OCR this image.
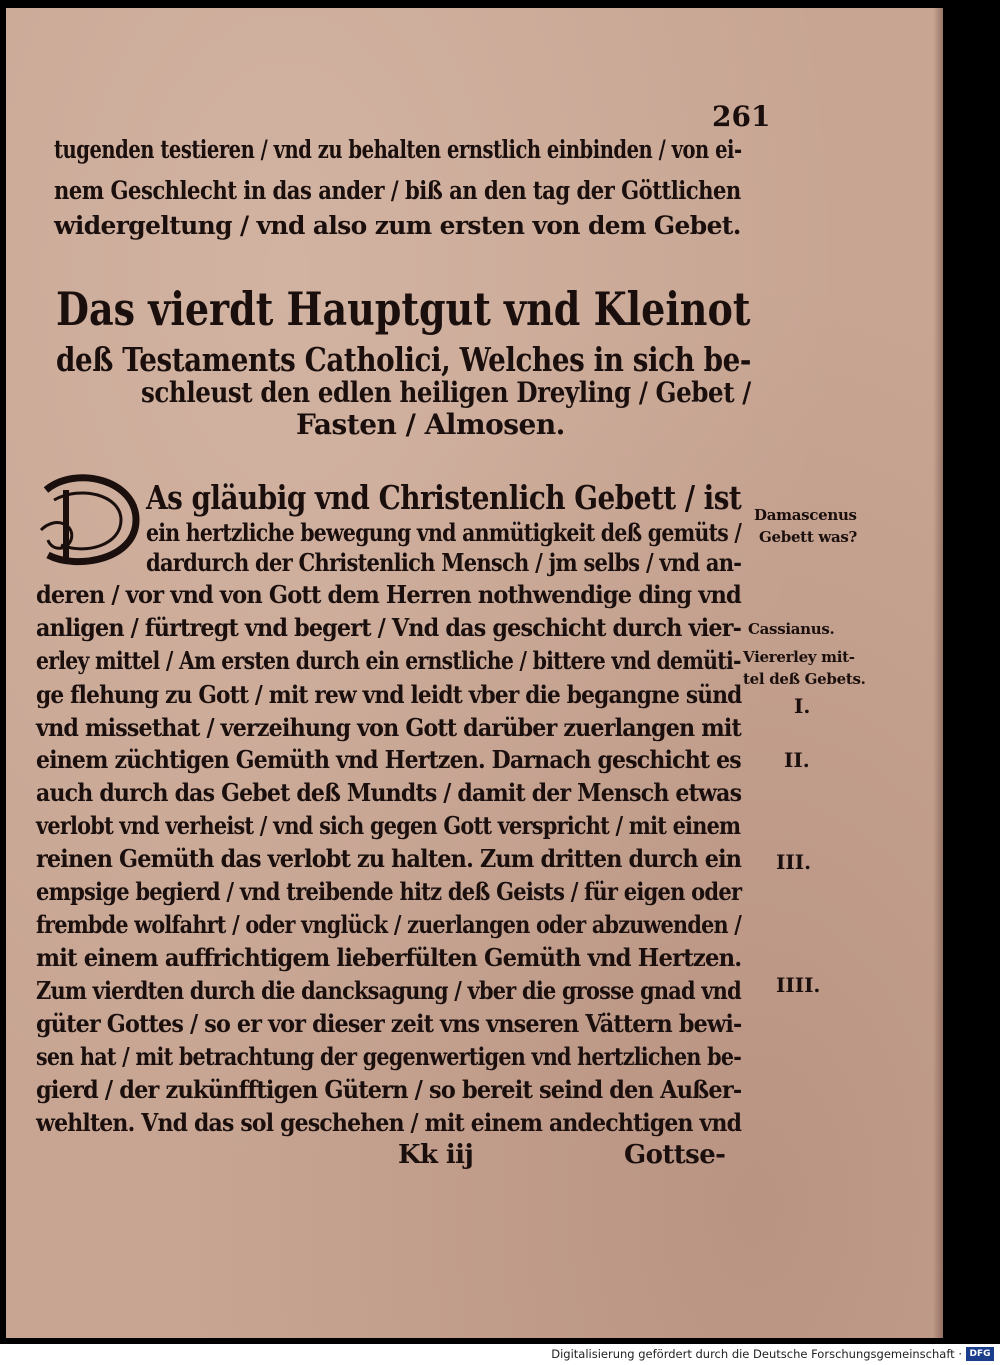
261
tugenden testieren / vnd zu behalten ernstlich einbinden / von ei-
nem Geschlecht in das ander / biß an den tag der Göttlichen
widergeltung / vnd also zum ersten von dem Gebet.
Das vierdt Hauptgut vnd Kleinot
deß Testaments Catholici, Welches in sich be-
schleust den edlen heiligen Dreyling / Gebet /
Fasten / Almosen.
As gläubig vnd Christenlich Gebett / ist
ein hertzliche bewegung vnd anmütigkeit deß gemüts /
dardurch der Christenlich Mensch / jm selbs / vnd an-
deren / vor vnd von Gott dem Herren nothwendige ding vnd
anligen / fürtregt vnd begert / Vnd das geschicht durch vier-
erley mittel / Am ersten durch ein ernstliche / bittere vnd demüti-
ge flehung zu Gott / mit rew vnd leidt vber die begangne sünd
vnd missethat / verzeihung von Gott darüber zuerlangen mit
einem züchtigen Gemüth vnd Hertzen. Darnach geschicht es
auch durch das Gebet deß Mundts / damit der Mensch etwas
verlobt vnd verheist / vnd sich gegen Gott verspricht / mit einem
reinen Gemüth das verlobt zu halten. Zum dritten durch ein
empsige begierd / vnd treibende hitz deß Geists / für eigen oder
frembde wolfahrt / oder vnglück / zuerlangen oder abzuwenden /
mit einem auffrichtigem lieberfülten Gemüth vnd Hertzen.
Zum vierdten durch die dancksagung / vber die grosse gnad vnd
güter Gottes / so er vor dieser zeit vns vnseren Vättern bewi-
sen hat / mit betrachtung der gegenwertigen vnd hertzlichen be-
gierd / der zukünfftigen Gütern / so bereit seind den Außer-
wehlten. Vnd das sol geschehen / mit einem andechtigen vnd
Kk iij	Gottse-
Damascenus
Gebett was?
Cassianus.
Viererley mit-
tel deß Gebets.
I.
II.
III.
IIII.
Digitalisierung gefördert durch die Deutsche Forschungsgemeinschaft · DFG
